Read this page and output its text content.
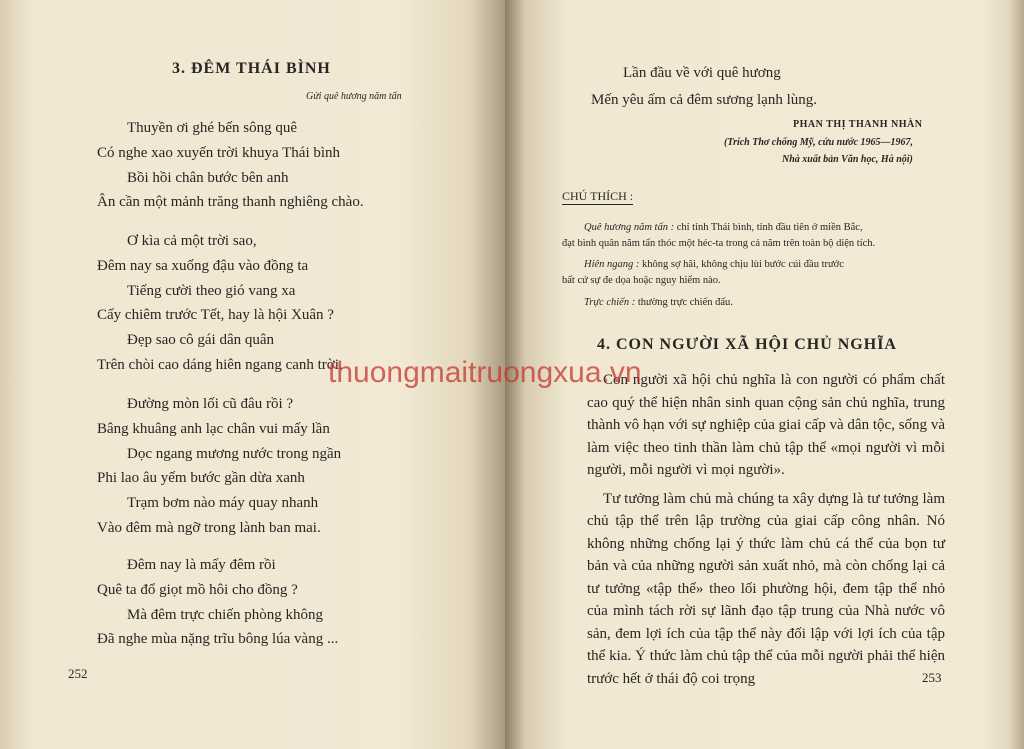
3. ĐÊM THÁI BÌNH
Gửi quê hương năm tấn
Thuyền ơi ghé bến sông quê
Có nghe xao xuyến trời khuya Thái bình
Bồi hồi chân bước bên anh
Ân cần một mảnh trăng thanh nghiêng chào.
Ơ kìa cả một trời sao,
Đêm nay sa xuống đậu vào đồng ta
Tiếng cười theo gió vang xa
Cấy chiêm trước Tết, hay là hội Xuân ?
Đẹp sao cô gái dân quân
Trên chòi cao dáng hiên ngang canh trời.
Đường mòn lối cũ đâu rồi ?
Bâng khuâng anh lạc chân vui mấy lần
Dọc ngang mương nước trong ngần
Phi lao âu yếm bước gần dừa xanh
Trạm bơm nào máy quay nhanh
Vào đêm mà ngỡ trong lành ban mai.
Đêm nay là mấy đêm rồi
Quê ta đổ giọt mồ hôi cho đồng ?
Mà đêm trực chiến phòng không
Đã nghe mùa nặng trĩu bông lúa vàng ...
252
Lần đầu về với quê hương
Mến yêu ấm cả đêm sương lạnh lùng.
PHAN THỊ THANH NHÀN
(Trích Thơ chống Mỹ, cứu nước 1965—1967,
Nhà xuất bản Văn học, Hà nội)
CHÚ THÍCH :
Quê hương năm tấn : chỉ tỉnh Thái bình, tỉnh đầu tiên ở miền Bắc,
đạt bình quân năm tấn thóc một héc-ta trong cả năm trên toàn bộ diện tích.
Hiên ngang : không sợ hãi, không chịu lùi bước cúi đầu trước
bất cứ sự đe dọa hoặc nguy hiểm nào.
Trực chiến : thường trực chiến đấu.
4. CON NGƯỜI XÃ HỘI CHỦ NGHĨA
253

Con người xã hội chủ nghĩa là con người có phẩm chất cao quý thể hiện nhân sinh quan cộng sản chủ nghĩa, trung thành vô hạn với sự nghiệp của giai cấp và dân tộc, sống và làm việc theo tinh thần làm chủ tập thể «mọi người vì mỗi người, mỗi người vì mọi người».

Tư tưởng làm chủ mà chúng ta xây dựng là tư tưởng làm chủ tập thể trên lập trường của giai cấp công nhân. Nó không những chống lại ý thức làm chủ cá thể của bọn tư bản và của những người sản xuất nhỏ, mà còn chống lại cả tư tưởng «tập thể» theo lối phường hội, đem tập thể nhỏ của mình tách rời sự lãnh đạo tập trung của Nhà nước vô sản, đem lợi ích của tập thể này đối lập với lợi ích của tập thể kia. Ý thức làm chủ tập thể của mỗi người phải thể hiện trước hết ở thái độ coi trọng

thuongmaitruongxua.vn
